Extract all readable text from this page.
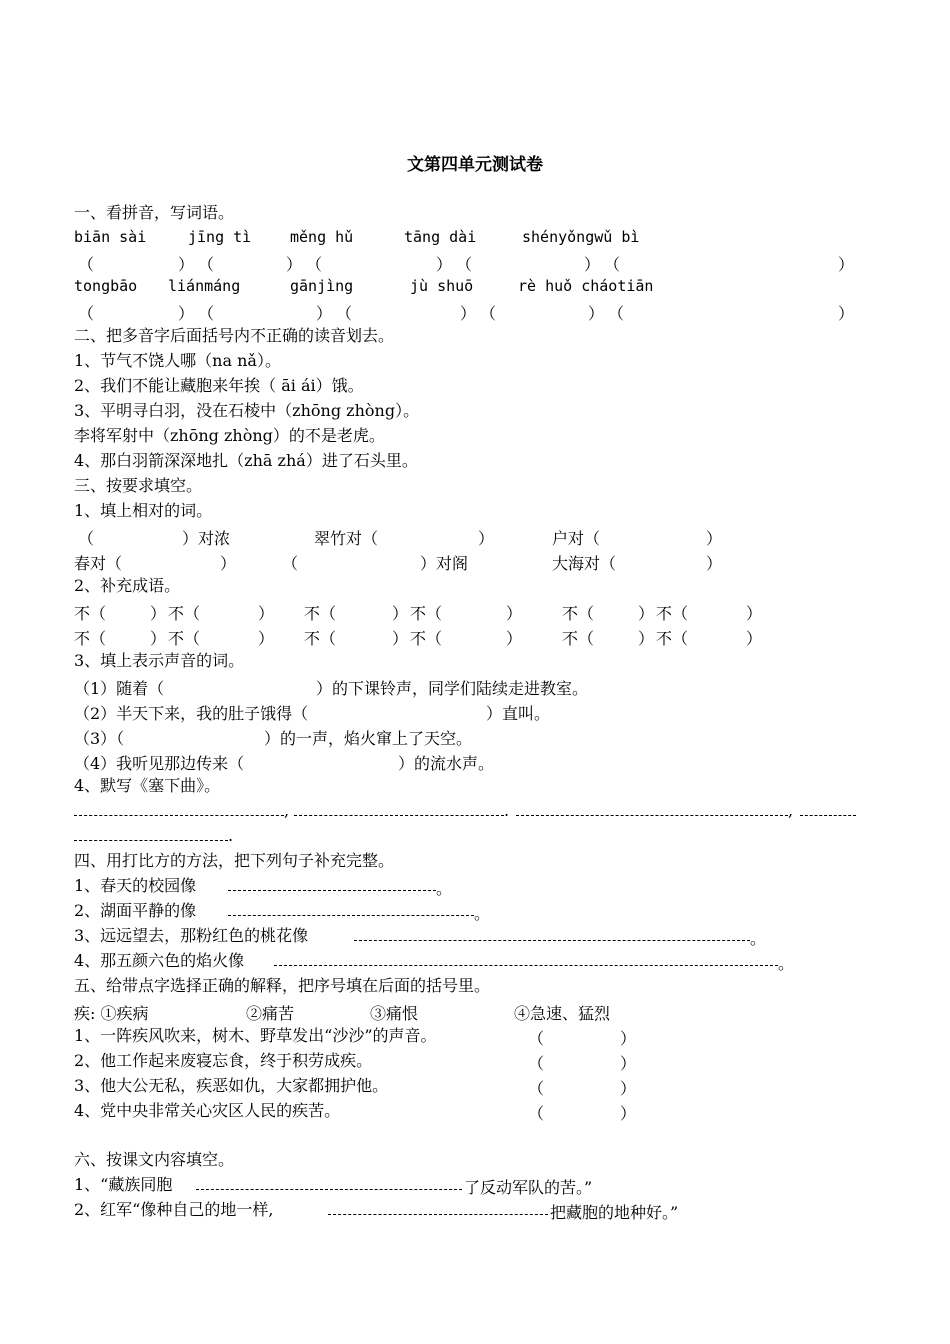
文第四单元测试卷
一、看拼音，写词语。
biān sài	jīng tì	měng hǔ	tāng dài	shényǒngwǔ bì
（	） （	） （	） （	） （	）
tongbāo liánmáng	gānjìng	jù shuō	rè huǒ cháotiān
（	） （	） （	） （	） （	）
二、把多音字后面括号内不正确的读音划去。
1、节气不饶人哪（na nǎ）。
2、我们不能让藏胞来年挨（ āi ái）饿。
3、平明寻白羽，没在石棱中（zhōng zhòng）。
李将军射中（zhōng zhòng）的不是老虎。
4、那白羽箭深深地扎（zhā zhá）进了石头里。
三、按要求填空。
1、填上相对的词。
（	）对浓	翠竹对（	）	户对（	）
春对（	）	（	）对阁	大海对（	）
2、补充成语。
不（	） 不（	） 不（	） 不（	） 不（	） 不（	）
不（	） 不（	） 不（	） 不（	） 不（	） 不（	）
3、填上表示声音的词。
（1）随着（	）的下课铃声，同学们陆续走进教室。
（2）半天下来，我的肚子饿得（	）直叫。
（3）（	）的一声，焰火窜上了天空。
（4）我听见那边传来（	）的流水声。
4、默写《塞下曲》。
,	.	,
.
四、用打比方的方法，把下列句子补充完整。
1、春天的校园像	。
2、湖面平静的像	。
3、远远望去，那粉红色的桃花像	。
4、那五颜六色的焰火像	。
五、给带点字选择正确的解释，把序号填在后面的括号里。
疾: ①疾病	②痛苦	③痛恨	④急速、猛烈
1、一阵疾风吹来，树木、野草发出“沙沙”的声音。	（	）
2、他工作起来废寝忘食，终于积劳成疾。	（	）
3、他大公无私，疾恶如仇，大家都拥护他。	（	）
4、党中央非常关心灾区人民的疾苦。	（	）
六、按课文内容填空。
1、“藏族同胞	了反动军队的苦。”
2、红军“像种自己的地一样,	把藏胞的地种好。”
